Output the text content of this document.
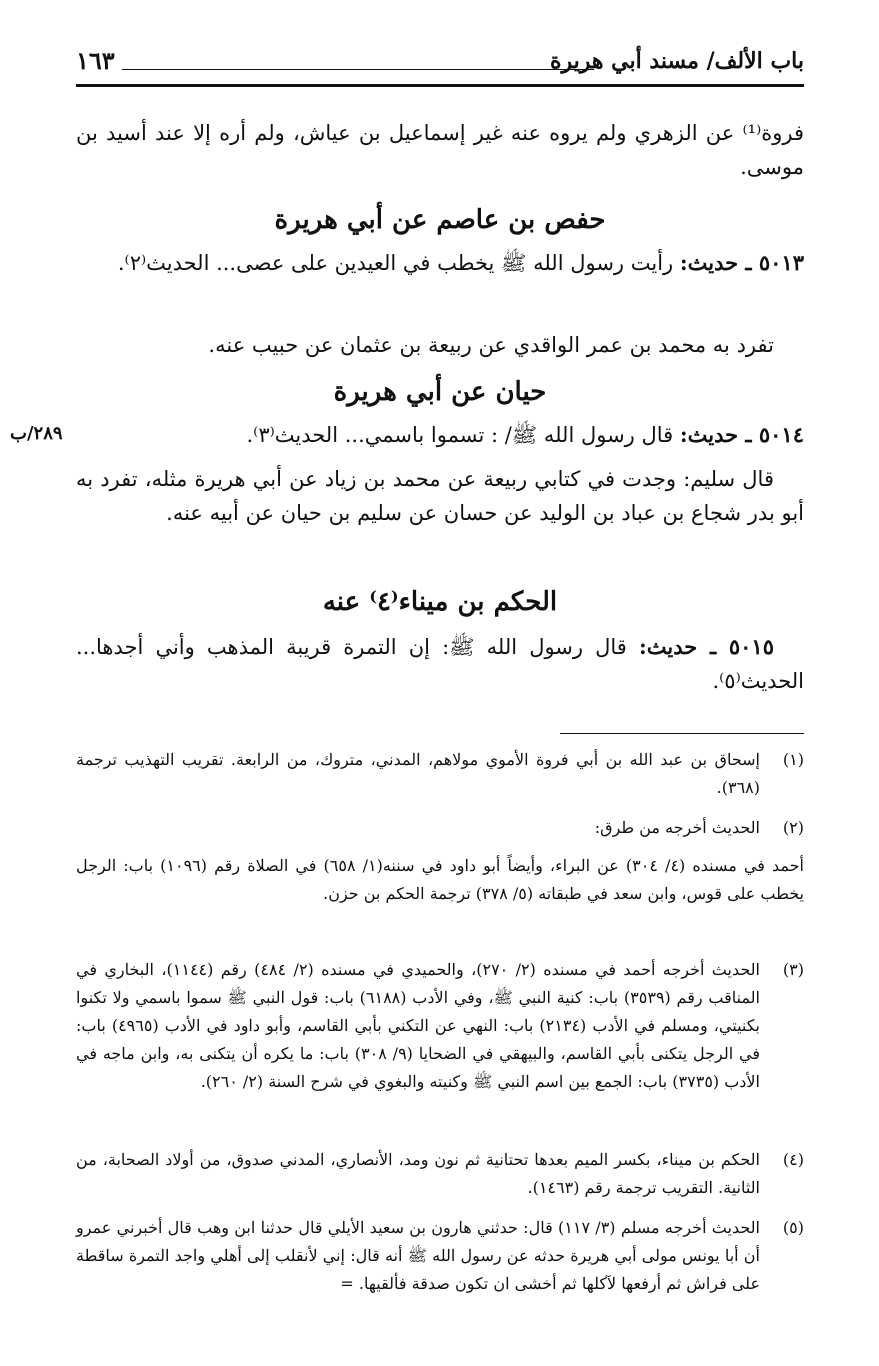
باب الألف/ مسند أبي هريرة
١٦٣
فروة⁽¹⁾ عن الزهري ولم يروه عنه غير إسماعيل بن عياش، ولم أره إلا عند أسيد بن موسى.
حفص بن عاصم عن أبي هريرة
٥٠١٣ ـ حديث: رأيت رسول الله ﷺ يخطب في العيدين على عصى... الحديث⁽٢⁾.
تفرد به محمد بن عمر الواقدي عن ربيعة بن عثمان عن حبيب عنه.
حيان عن أبي هريرة
٥٠١٤ ـ حديث: قال رسول الله ﷺ/ : تسموا باسمي... الحديث⁽٣⁾.
٢٨٩/ب
قال سليم: وجدت في كتابي ربيعة عن محمد بن زياد عن أبي هريرة مثله، تفرد به أبو بدر شجاع بن عباد بن الوليد عن حسان عن سليم بن حيان عن أبيه عنه.
الحكم بن ميناء⁽٤⁾ عنه
٥٠١٥ ـ حديث: قال رسول الله ﷺ: إن التمرة قريبة المذهب وأني أجدها... الحديث⁽٥⁾.
(١)
إسحاق بن عبد الله بن أبي فروة الأموي مولاهم، المدني، متروك، من الرابعة. تقريب التهذيب ترجمة (٣٦٨).
(٢)
الحديث أخرجه من طرق:
أحمد في مسنده (٤/ ٣٠٤) عن البراء، وأيضاً أبو داود في سننه(١/ ٦٥٨) في الصلاة رقم (١٠٩٦) باب: الرجل يخطب على قوس، وابن سعد في طبقاته (٥/ ٣٧٨) ترجمة الحكم بن حزن.
(٣)
الحديث أخرجه أحمد في مسنده (٢/ ٢٧٠)، والحميدي في مسنده (٢/ ٤٨٤) رقم (١١٤٤)، البخاري في المناقب رقم (٣٥٣٩) باب: كنية النبي ﷺ، وفي الأدب (٦١٨٨) باب: قول النبي ﷺ سموا باسمي ولا تكنوا بكنيتي، ومسلم في الأدب (٢١٣٤) باب: النهي عن التكني بأبي القاسم، وأبو داود في الأدب (٤٩٦٥) باب: في الرجل يتكنى بأبي القاسم، والبيهقي في الضحايا (٩/ ٣٠٨) باب: ما يكره أن يتكنى به، وابن ماجه في الأدب (٣٧٣٥) باب: الجمع بين اسم النبي ﷺ وكنيته والبغوي في شرح السنة (٢/ ٢٦٠).
(٤)
الحكم بن ميناء، بكسر الميم بعدها تحتانية ثم نون ومد، الأنصاري، المدني صدوق، من أولاد الصحابة، من الثانية. التقريب ترجمة رقم (١٤٦٣).
(٥)
الحديث أخرجه مسلم (٣/ ١١٧) قال: حدثني هارون بن سعيد الأيلي قال حدثنا ابن وهب قال أخبرني عمرو أن أبا يونس مولى أبي هريرة حدثه عن رسول الله ﷺ أنه قال: إني لأنقلب إلى أهلي واجد التمرة ساقطة على فراش ثم أرفعها لآكلها ثم أخشى ان تكون صدقة فألقيها. =
